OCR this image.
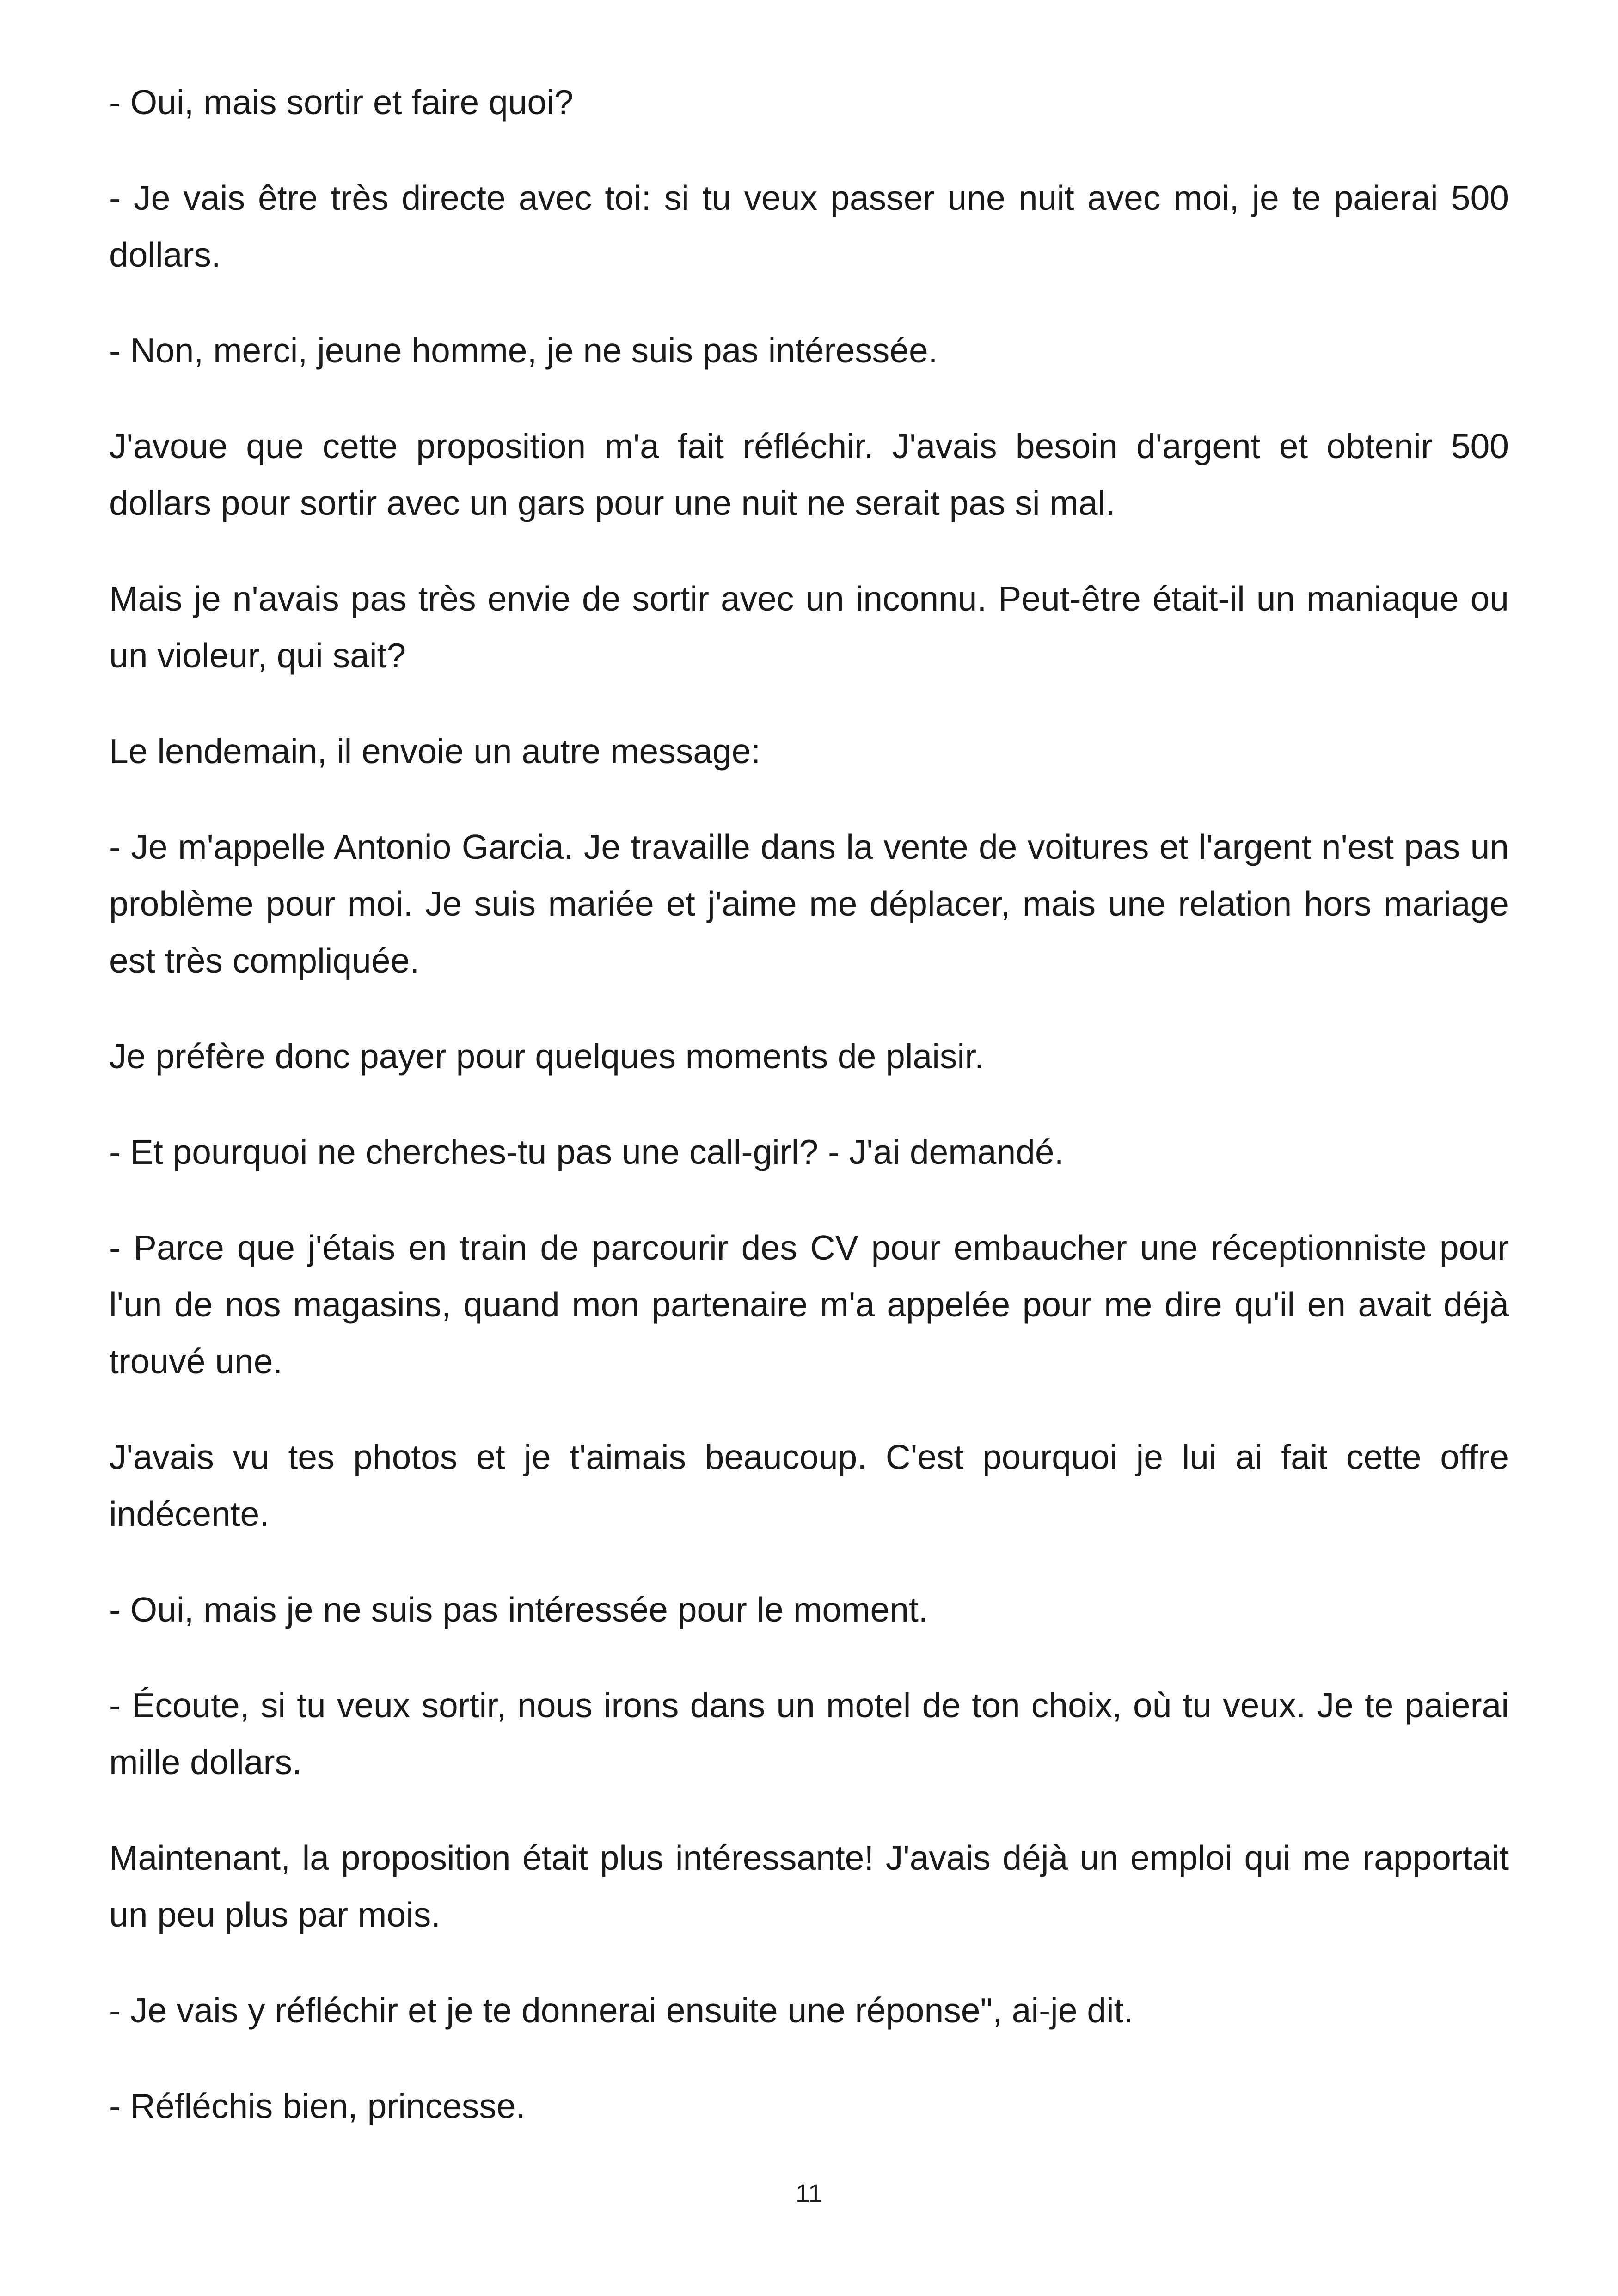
- Oui, mais sortir et faire quoi?

- Je vais être très directe avec toi: si tu veux passer une nuit avec moi, je te paierai 500 dollars.

- Non, merci, jeune homme, je ne suis pas intéressée.

J'avoue que cette proposition m'a fait réfléchir. J'avais besoin d'argent et obtenir 500 dollars pour sortir avec un gars pour une nuit ne serait pas si mal.

Mais je n'avais pas très envie de sortir avec un inconnu. Peut-être était-il un maniaque ou un violeur, qui sait?

Le lendemain, il envoie un autre message:

- Je m'appelle Antonio Garcia. Je travaille dans la vente de voitures et l'argent n'est pas un problème pour moi. Je suis mariée et j'aime me déplacer, mais une relation hors mariage est très compliquée.

Je préfère donc payer pour quelques moments de plaisir.

- Et pourquoi ne cherches-tu pas une call-girl? - J'ai demandé.

- Parce que j'étais en train de parcourir des CV pour embaucher une réceptionniste pour l'un de nos magasins, quand mon partenaire m'a appelée pour me dire qu'il en avait déjà trouvé une.

J'avais vu tes photos et je t'aimais beaucoup. C'est pourquoi je lui ai fait cette offre indécente.

- Oui, mais je ne suis pas intéressée pour le moment.

- Écoute, si tu veux sortir, nous irons dans un motel de ton choix, où tu veux. Je te paierai mille dollars.

Maintenant, la proposition était plus intéressante! J'avais déjà un emploi qui me rapportait un peu plus par mois.

- Je vais y réfléchir et je te donnerai ensuite une réponse", ai-je dit.

- Réfléchis bien, princesse.

11
